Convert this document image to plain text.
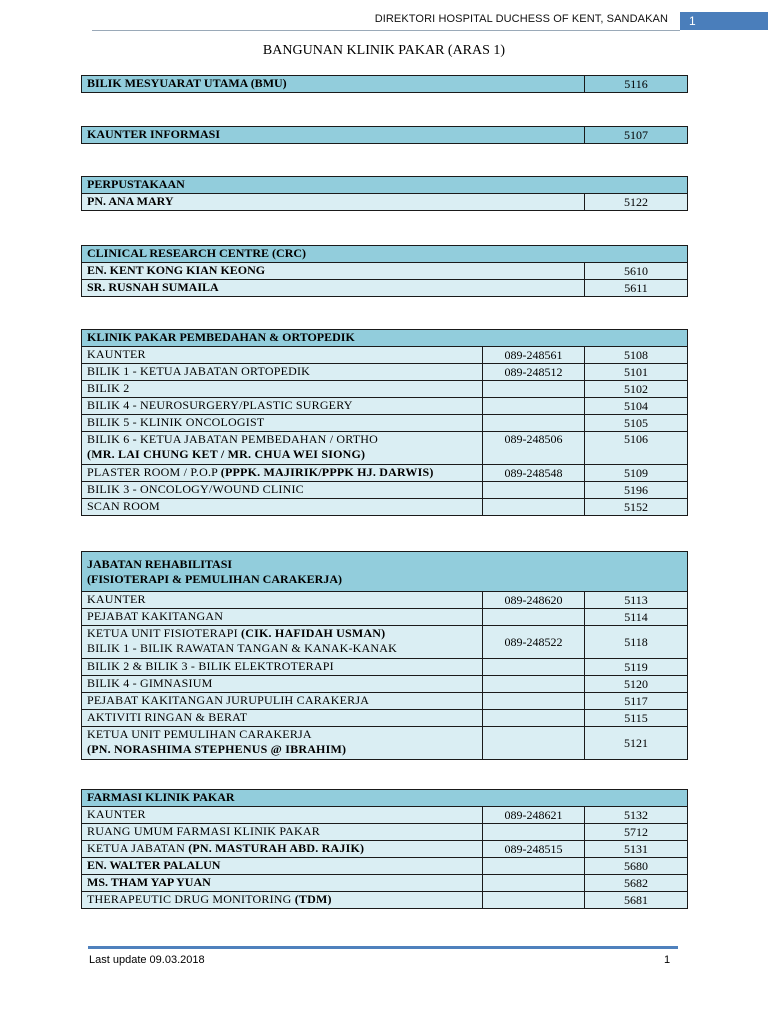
DIREKTORI HOSPITAL DUCHESS OF KENT, SANDAKAN 1
BANGUNAN KLINIK PAKAR (ARAS 1)
BILIK MESYUARAT UTAMA (BMU)	5116
KAUNTER INFORMASI	5107
PERPUSTAKAAN
PN. ANA MARY	5122
CLINICAL RESEARCH CENTRE (CRC)	
EN. KENT KONG KIAN KEONG	5610
SR. RUSNAH SUMAILA	5611
KLINIK PAKAR PEMBEDAHAN & ORTOPEDIK		
KAUNTER	089-248561	5108
BILIK 1 - KETUA JABATAN ORTOPEDIK	089-248512	5101
BILIK 2		5102
BILIK 4 - NEUROSURGERY/PLASTIC SURGERY		5104
BILIK 5 - KLINIK ONCOLOGIST		5105

BILIK 6 - KETUA JABATAN PEMBEDAHAN / ORTHO
(MR. LAI CHUNG KET / MR. CHUA WEI SIONG)	089-248506	5106
PLASTER ROOM / P.O.P (PPPK. MAJIRIK/PPPK HJ. DARWIS)	089-248548	5109
BILIK 3 - ONCOLOGY/WOUND CLINIC		5196
SCAN ROOM		5152
JABATAN REHABILITASI
(FISIOTERAPI & PEMULIHAN CARAKERJA)		

KAUNTER	089-248620	5113
PEJABAT KAKITANGAN		5114

KETUA UNIT FISIOTERAPI (CIK. HAFIDAH USMAN)
BILIK 1 - BILIK RAWATAN TANGAN & KANAK-KANAK	089-248522	5118
BILIK 2 & BILIK 3 - BILIK ELEKTROTERAPI		5119
BILIK 4 - GIMNASIUM		5120
PEJABAT KAKITANGAN JURUPULIH CARAKERJA		5117
AKTIVITI RINGAN & BERAT		5115

KETUA UNIT PEMULIHAN CARAKERJA
(PN. NORASHIMA STEPHENUS @ IBRAHIM)		5121
FARMASI KLINIK PAKAR		
KAUNTER	089-248621	5132
RUANG UMUM FARMASI KLINIK PAKAR		5712
KETUA JABATAN (PN. MASTURAH ABD. RAJIK)	089-248515	5131
EN. WALTER PALALUN		5680
MS. THAM YAP YUAN		5682
THERAPEUTIC DRUG MONITORING (TDM)		5681
Last update 09.03.2018	1
